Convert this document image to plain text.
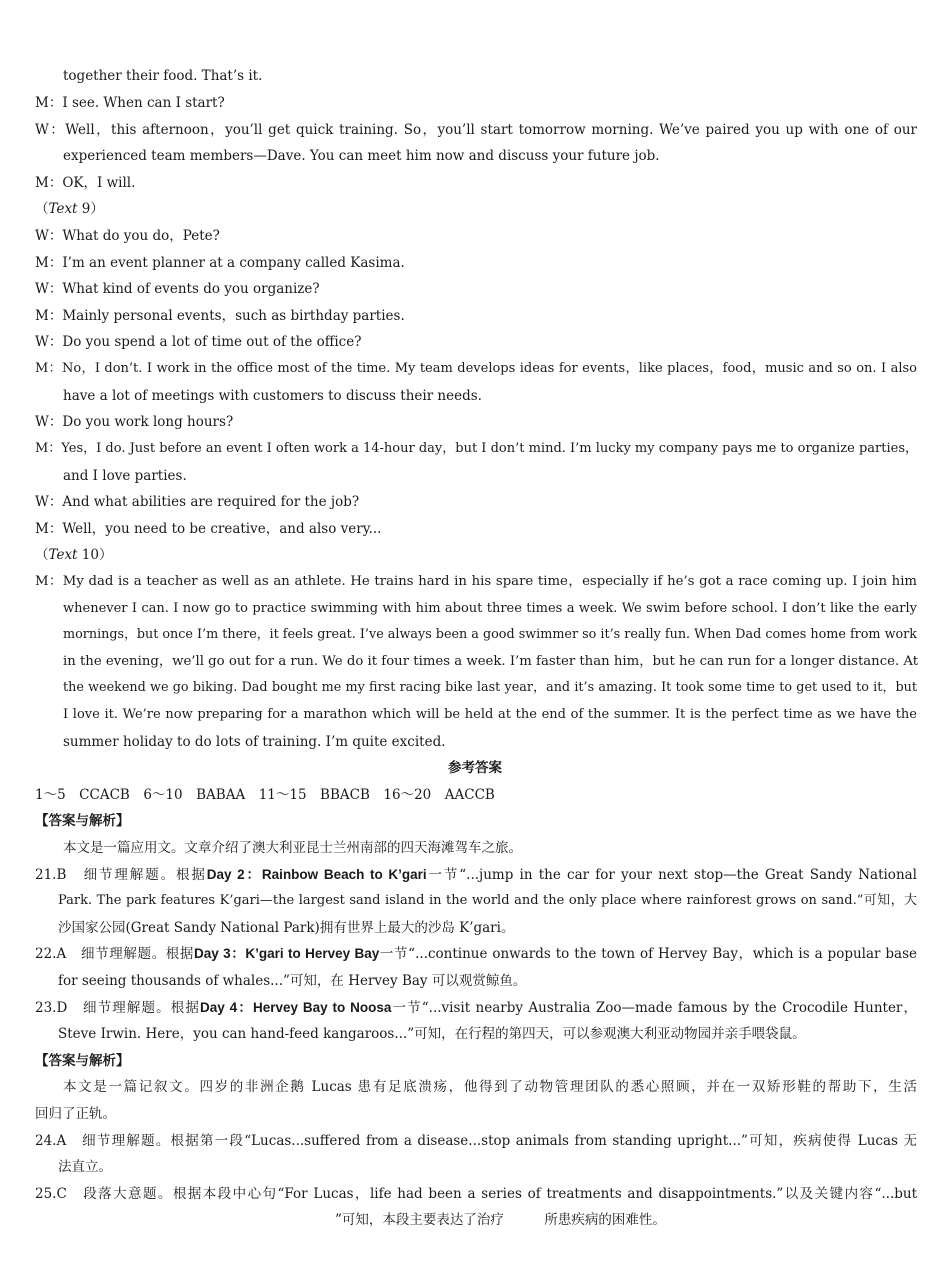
together their food. That’s it.
M：I see. When can I start?
W：Well，this afternoon，you’ll get quick training. So，you’ll start tomorrow morning. We’ve paired you up with one of our
experienced team members—Dave. You can meet him now and discuss your future job.
M：OK，I will.
（Text 9）
W：What do you do，Pete?
M：I’m an event planner at a company called Kasima.
W：What kind of events do you organize?
M：Mainly personal events，such as birthday parties.
W：Do you spend a lot of time out of the office?
M：No，I don’t. I work in the office most of the time. My team develops ideas for events，like places，food，music and so on. I also
have a lot of meetings with customers to discuss their needs.
W：Do you work long hours?
M：Yes，I do. Just before an event I often work a 14-hour day，but I don’t mind. I’m lucky my company pays me to organize parties，
and I love parties.
W：And what abilities are required for the job?
M：Well，you need to be creative，and also very...
（Text 10）
M：My dad is a teacher as well as an athlete. He trains hard in his spare time，especially if he’s got a race coming up. I join him
whenever I can. I now go to practice swimming with him about three times a week. We swim before school. I don’t like the early
mornings，but once I’m there，it feels great. I’ve always been a good swimmer so it’s really fun. When Dad comes home from work
in the evening，we’ll go out for a run. We do it four times a week. I’m faster than him，but he can run for a longer distance. At
the weekend we go biking. Dad bought me my first racing bike last year，and it’s amazing. It took some time to get used to it，but
I love it. We’re now preparing for a marathon which will be held at the end of the summer. It is the perfect time as we have the
summer holiday to do lots of training. I’m quite excited.
参考答案
1～5　CCACB　6～10　BABAA　11～15　BBACB　16～20　AACCB
【答案与解析】
本文是一篇应用文。文章介绍了澳大利亚昆士兰州南部的四天海滩驾车之旅。
21.B　细节理解题。根据Day 2：Rainbow Beach to K’gari一节“...jump in the car for your next stop—the Great Sandy National
Park. The park features K’gari—the largest sand island in the world and the only place where rainforest grows on sand.”可知，大
沙国家公园(Great Sandy National Park)拥有世界上最大的沙岛 K’gari。
22.A　细节理解题。根据Day 3：K’gari to Hervey Bay一节“...continue onwards to the town of Hervey Bay，which is a popular base
for seeing thousands of whales...”可知，在 Hervey Bay 可以观赏鲸鱼。
23.D　细节理解题。根据Day 4：Hervey Bay to Noosa一节“...visit nearby Australia Zoo—made famous by the Crocodile Hunter，
Steve Irwin. Here，you can hand-feed kangaroos...”可知，在行程的第四天，可以参观澳大利亚动物园并亲手喂袋鼠。
【答案与解析】
本文是一篇记叙文。四岁的非洲企鹅 Lucas 患有足底溃疡，他得到了动物管理团队的悉心照顾，并在一双矫形鞋的帮助下，生活
回归了正轨。
24.A　细节理解题。根据第一段“Lucas...suffered from a disease...stop animals from standing upright...”可知，疾病使得 Lucas 无
法直立。
25.C　段落大意题。根据本段中心句“For Lucas，life had been a series of treatments and disappointments.”以及关键内容“...but
”可知，本段主要表达了治疗　　　所患疾病的困难性。
